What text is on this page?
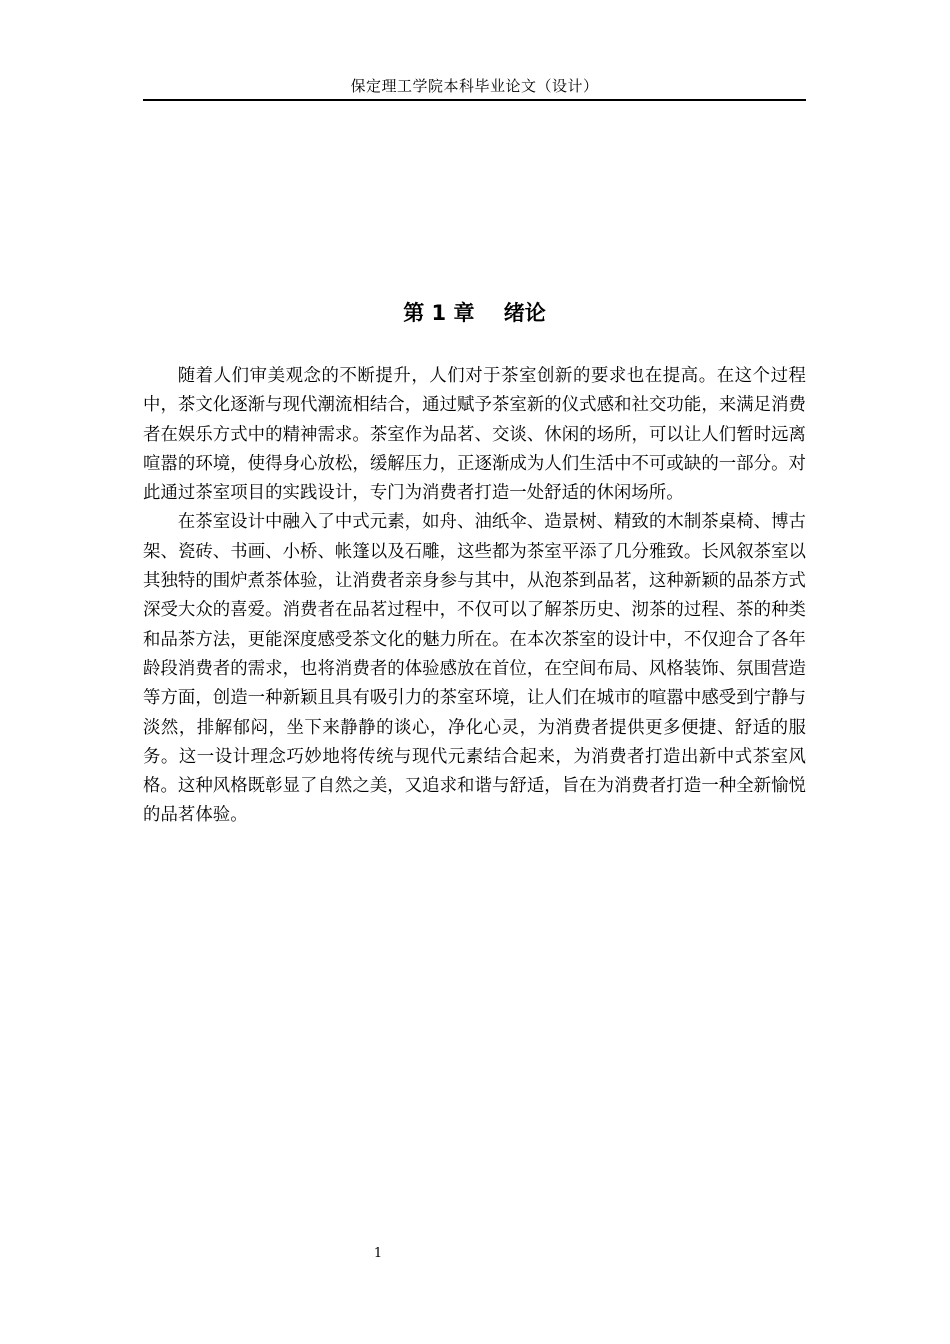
保定理工学院本科毕业论文（设计）
第 1 章    绪论

随着人们审美观念的不断提升，人们对于茶室创新的要求也在提高。在这个过程中，茶文化逐渐与现代潮流相结合，通过赋予茶室新的仪式感和社交功能，来满足消费者在娱乐方式中的精神需求。茶室作为品茗、交谈、休闲的场所，可以让人们暂时远离喧嚣的环境，使得身心放松，缓解压力，正逐渐成为人们生活中不可或缺的一部分。对此通过茶室项目的实践设计，专门为消费者打造一处舒适的休闲场所。

在茶室设计中融入了中式元素，如舟、油纸伞、造景树、精致的木制茶桌椅、博古架、瓷砖、书画、小桥、帐篷以及石雕，这些都为茶室平添了几分雅致。长风叙茶室以其独特的围炉煮茶体验，让消费者亲身参与其中，从泡茶到品茗，这种新颖的品茶方式深受大众的喜爱。消费者在品茗过程中，不仅可以了解茶历史、沏茶的过程、茶的种类和品茶方法，更能深度感受茶文化的魅力所在。在本次茶室的设计中，不仅迎合了各年龄段消费者的需求，也将消费者的体验感放在首位，在空间布局、风格装饰、氛围营造等方面，创造一种新颖且具有吸引力的茶室环境，让人们在城市的喧嚣中感受到宁静与淡然，排解郁闷，坐下来静静的谈心，净化心灵，为消费者提供更多便捷、舒适的服务。这一设计理念巧妙地将传统与现代元素结合起来，为消费者打造出新中式茶室风格。这种风格既彰显了自然之美，又追求和谐与舒适，旨在为消费者打造一种全新愉悦的品茗体验。

1
